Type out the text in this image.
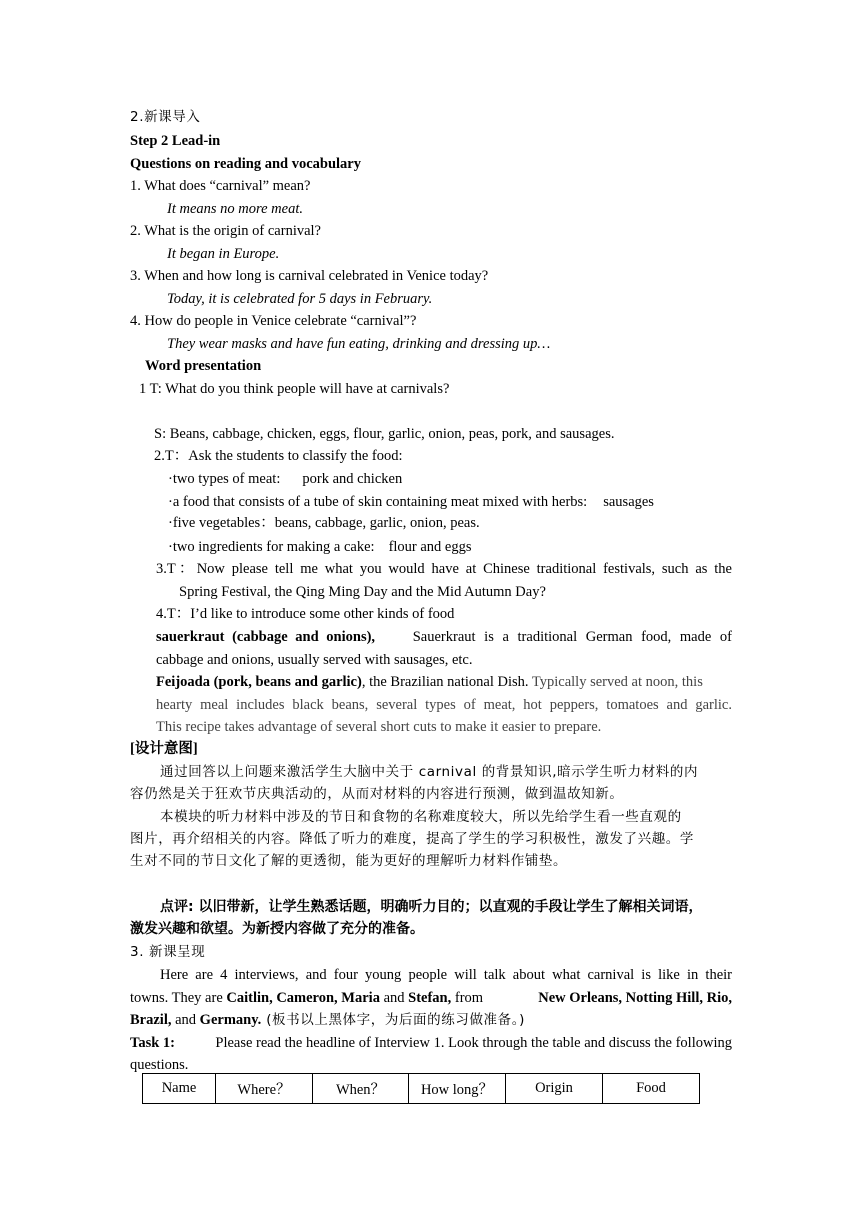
2.新课导入
Step 2 Lead-in
Questions on reading and vocabulary
1. What does “carnival” mean?
It means no more meat.
2. What is the origin of carnival?
It began in Europe.
3. When and how long is carnival celebrated in Venice today?
Today, it is celebrated for 5 days in February.
4. How do people in Venice celebrate “carnival”?
They wear masks and have fun eating, drinking and dressing up…
Word presentation
1 T: What do you think people will have at carnivals?
S: Beans, cabbage, chicken, eggs, flour, garlic, onion, peas, pork, and sausages.
2.T：Ask the students to classify the food:
·two types of meat: pork and chicken
·a food that consists of a tube of skin containing meat mixed with herbs: sausages
·five vegetables：beans, cabbage, garlic, onion, peas.
·two ingredients for making a cake: flour and eggs
3.T：Now please tell me what you would have at Chinese traditional festivals, such as the
Spring Festival, the Qing Ming Day and the Mid Autumn Day?
4.T：I’d like to introduce some other kinds of food
sauerkraut (cabbage and onions),	Sauerkraut is a traditional German food, made of
cabbage and onions, usually served with sausages, etc.
Feijoada (pork, beans and garlic), the Brazilian national Dish. Typically served at noon, this
hearty meal includes black beans, several types of meat, hot peppers, tomatoes and garlic.
This recipe takes advantage of several short cuts to make it easier to prepare.
[设计意图]
通过回答以上问题来激活学生大脑中关于 carnival 的背景知识,暗示学生听力材料的内
容仍然是关于狂欢节庆典活动的，从而对材料的内容进行预测，做到温故知新。
本模块的听力材料中涉及的节日和食物的名称难度较大，所以先给学生看一些直观的
图片，再介绍相关的内容。降低了听力的难度，提高了学生的学习积极性，激发了兴趣。学
生对不同的节日文化了解的更透彻，能为更好的理解听力材料作铺垫。
点评: 以旧带新，让学生熟悉话题，明确听力目的；以直观的手段让学生了解相关词语，
激发兴趣和欲望。为新授内容做了充分的准备。
3. 新课呈现
Here are 4 interviews, and four young people will talk about what carnival is like in their
towns. They are Caitlin, Cameron, Maria and Stefan, from	New Orleans, Notting Hill, Rio,
Brazil, and Germany. (板书以上黑体字，为后面的练习做准备。)
Task 1:	Please read the headline of Interview 1. Look through the table and discuss the following
questions.
Name	Where？	When？	How long？	Origin	Food
